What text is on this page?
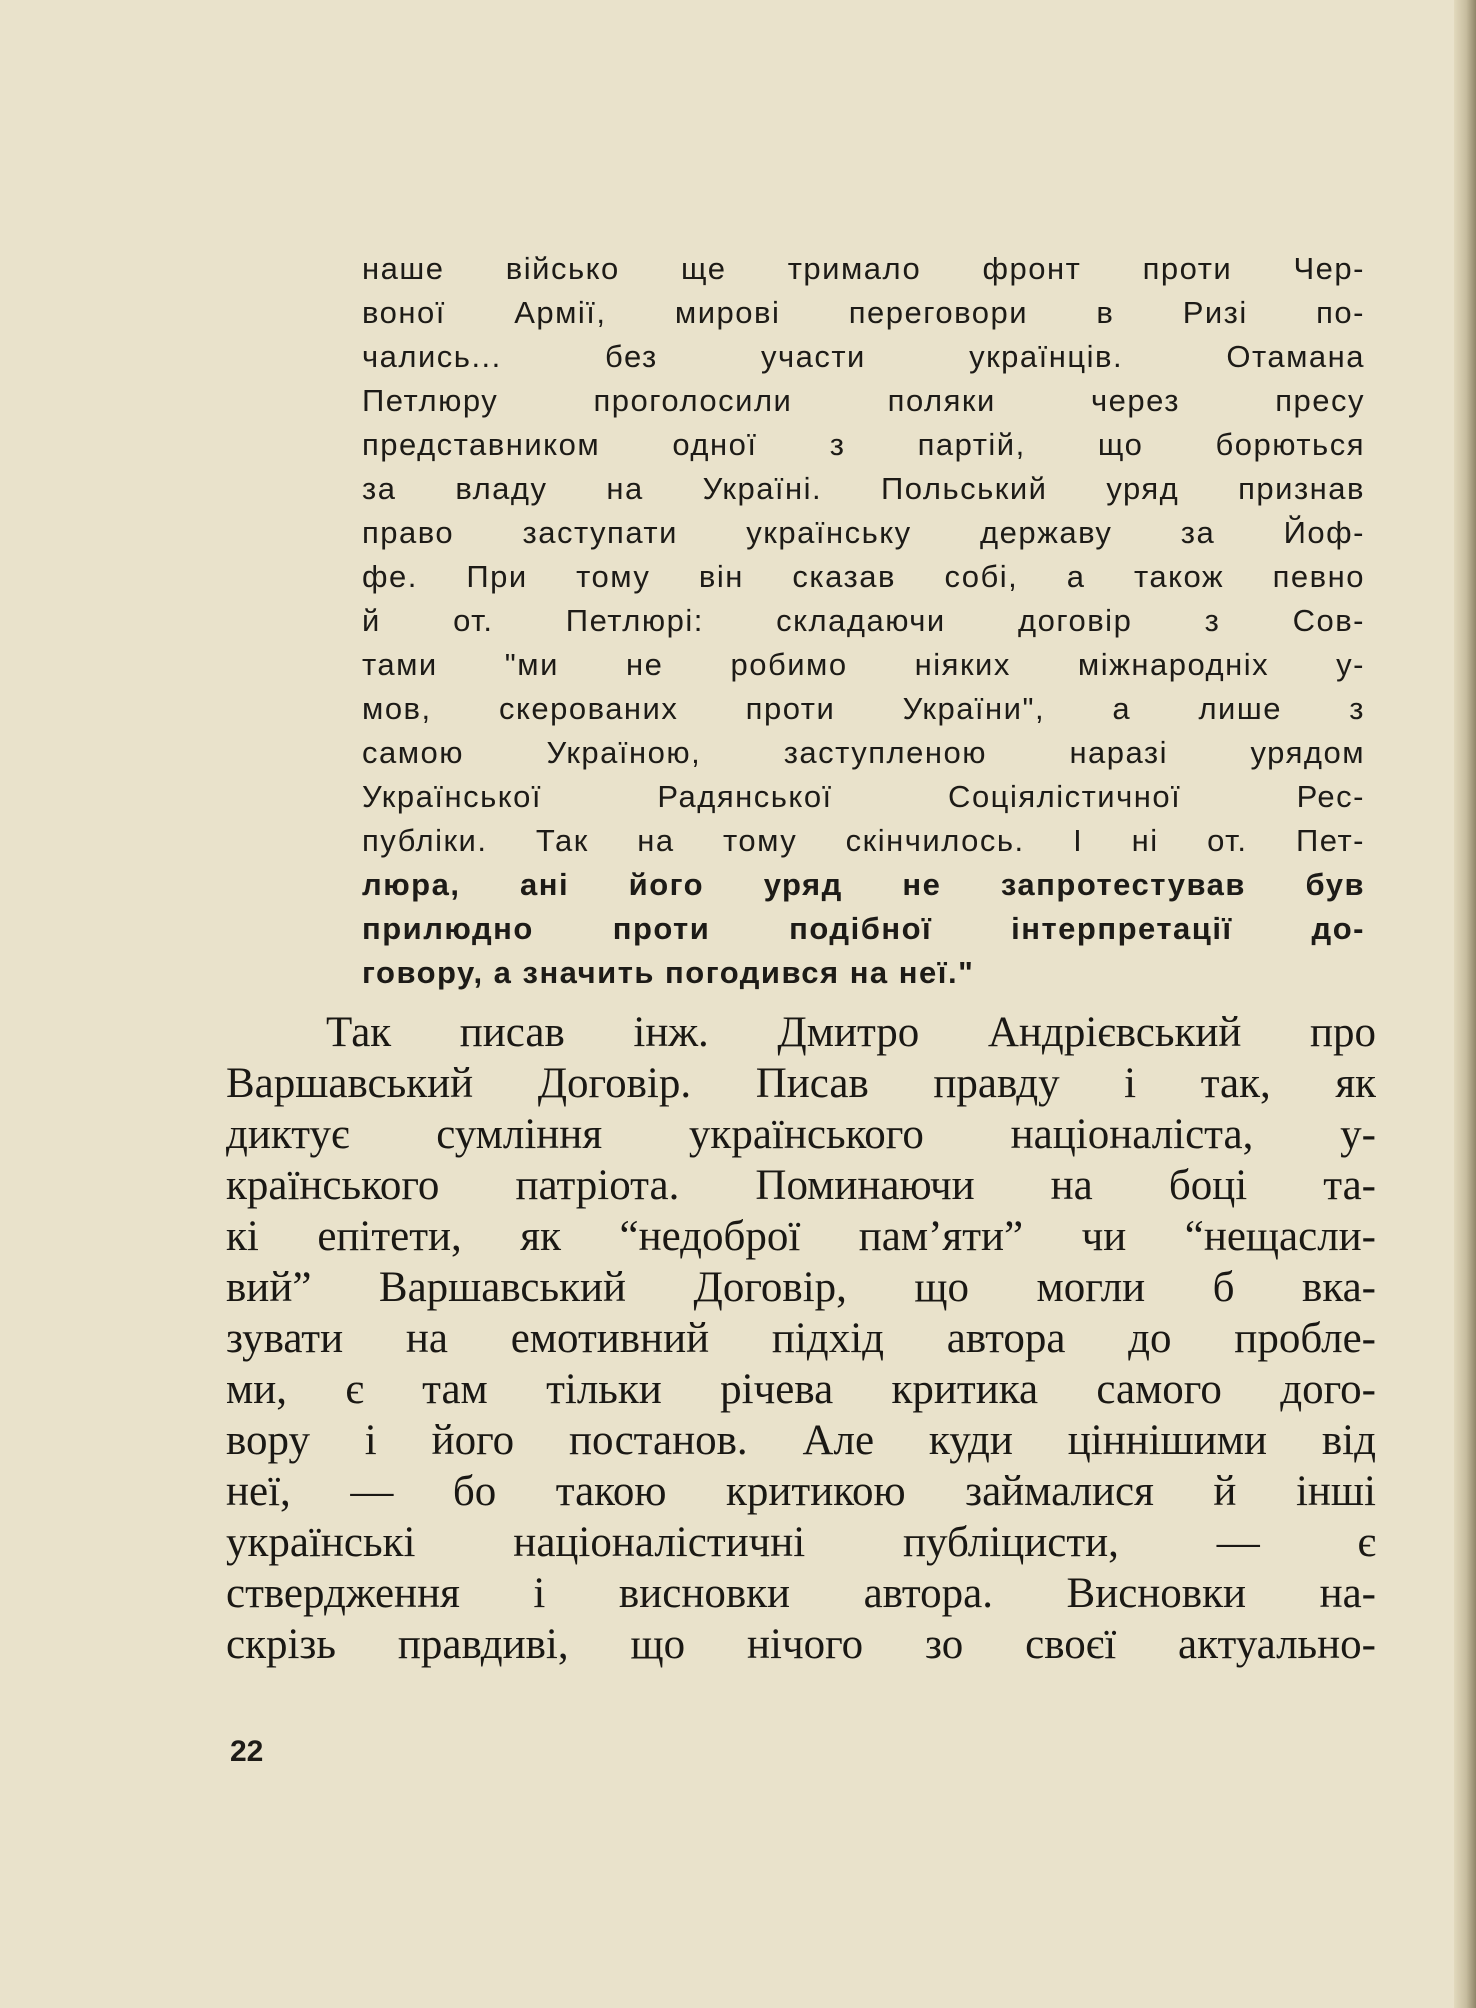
наше військо ще тримало фронт проти Чер-
воної Армії, мирові переговори в Ризі по-
чались... без участи українців. Отамана
Петлюру проголосили поляки через пресу
представником одної з партій, що борються
за владу на Україні. Польський уряд признав
право заступати українську державу за Йоф-
фе. При тому він сказав собі, а також певно
й от. Петлюрі: складаючи договір з Сов-
тами "ми не робимо ніяких міжнародніх у-
мов, скерованих проти України", а лише з
самою Україною, заступленою наразі урядом
Української Радянської Соціялістичної Рес-
публіки. Так на тому скінчилось. І ні от. Пет-
люра, ані його уряд не запротестував був
прилюдно проти подібної інтерпретації до-
говору, а значить погодився на неї."
Так писав інж. Дмитро Андрієвський про
Варшавський Договір. Писав правду і так, як
диктує сумління українського націоналіста, у-
країнського патріота. Поминаючи на боці та-
кі епітети, як “недоброї пам’яти” чи “нещасли-
вий” Варшавський Договір, що могли б вка-
зувати на емотивний підхід автора до пробле-
ми, є там тільки річева критика самого дого-
вору і його постанов. Але куди ціннішими від
неї, — бо такою критикою займалися й інші
українські націоналістичні публіцисти, — є
ствердження і висновки автора. Висновки на-
скрізь правдиві, що нічого зо своєї актуально-
22
